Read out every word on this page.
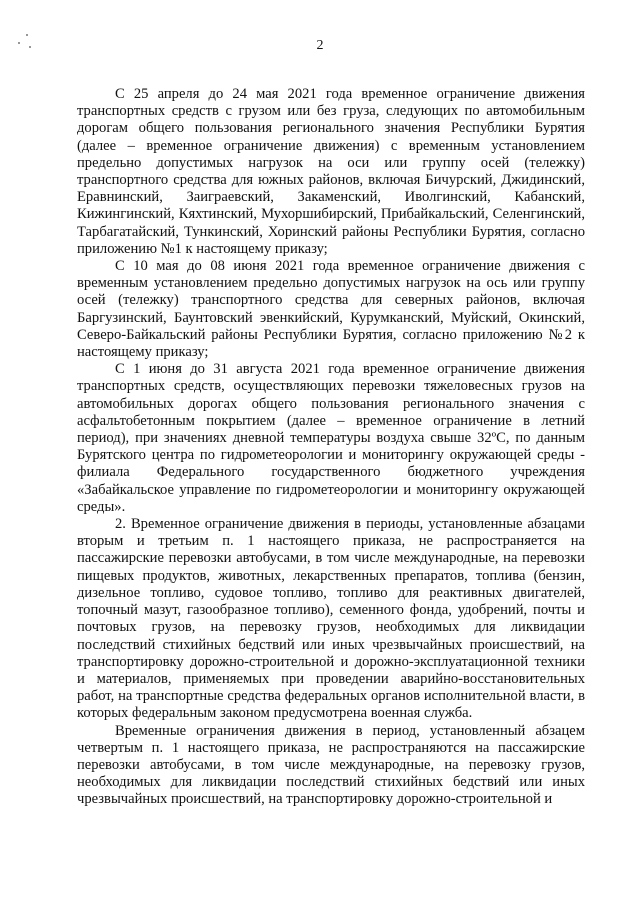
2

С 25 апреля до 24 мая 2021 года временное ограничение движения транспортных средств с грузом или без груза, следующих по автомобильным дорогам общего пользования регионального значения Республики Бурятия (далее – временное ограничение движения) с временным установлением предельно допустимых нагрузок на оси или группу осей (тележку) транспортного средства для южных районов, включая Бичурский, Джидинский, Еравнинский, Заиграевский, Закаменский, Иволгинский, Кабанский, Кижингинский, Кяхтинский, Мухоршибирский, Прибайкальский, Селенгинский, Тарбагатайский, Тункинский, Хоринский районы Республики Бурятия, согласно приложению №1 к настоящему приказу;

С 10 мая до 08 июня 2021 года временное ограничение движения с временным установлением предельно допустимых нагрузок на ось или группу осей (тележку) транспортного средства для северных районов, включая Баргузинский, Баунтовский эвенкийский, Курумканский, Муйский, Окинский, Северо-Байкальский районы Республики Бурятия, согласно приложению №2 к настоящему приказу;

С 1 июня до 31 августа 2021 года временное ограничение движения транспортных средств, осуществляющих перевозки тяжеловесных грузов на автомобильных дорогах общего пользования регионального значения с асфальтобетонным покрытием (далее – временное ограничение в летний период), при значениях дневной температуры воздуха свыше 32ºС, по данным Бурятского центра по гидрометеорологии и мониторингу окружающей среды - филиала Федерального государственного бюджетного учреждения «Забайкальское управление по гидрометеорологии и мониторингу окружающей среды».

2. Временное ограничение движения в периоды, установленные абзацами вторым и третьим п. 1 настоящего приказа, не распространяется на пассажирские перевозки автобусами, в том числе международные, на перевозки пищевых продуктов, животных, лекарственных препаратов, топлива (бензин, дизельное топливо, судовое топливо, топливо для реактивных двигателей, топочный мазут, газообразное топливо), семенного фонда, удобрений, почты и почтовых грузов, на перевозку грузов, необходимых для ликвидации последствий стихийных бедствий или иных чрезвычайных происшествий, на транспортировку дорожно-строительной и дорожно-эксплуатационной техники и материалов, применяемых при проведении аварийно-восстановительных работ, на транспортные средства федеральных органов исполнительной власти, в которых федеральным законом предусмотрена военная служба.

Временные ограничения движения в период, установленный абзацем четвертым п. 1 настоящего приказа, не распространяются на пассажирские перевозки автобусами, в том числе международные, на перевозку грузов, необходимых для ликвидации последствий стихийных бедствий или иных чрезвычайных происшествий, на транспортировку дорожно-строительной и
